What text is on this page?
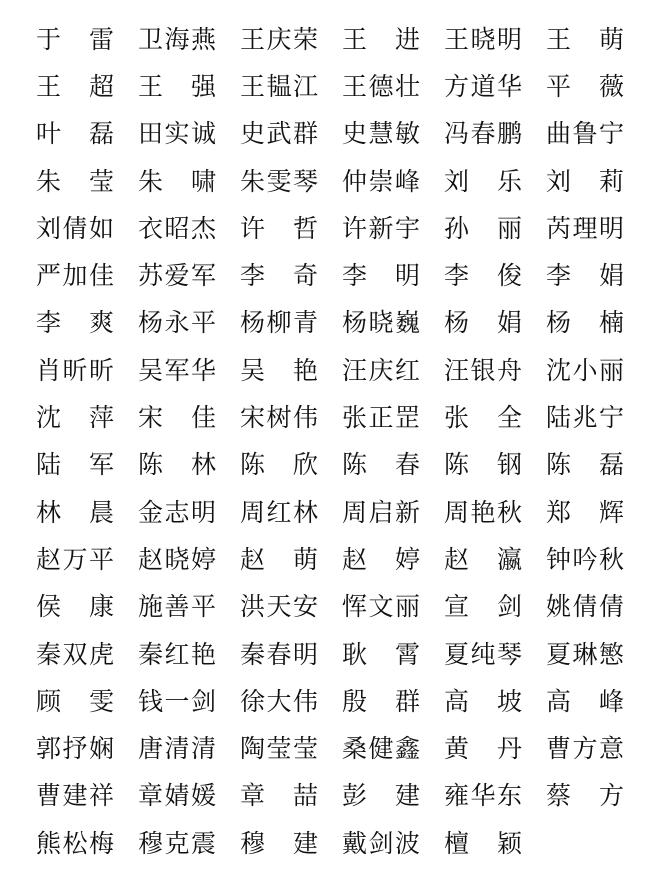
于 雷 卫 海 燕 王 庆 荣 王 进 王 晓 明 王 萌
王 超 王 强 王 韫 江 王 德 壮 方 道 华 平 薇
叶 磊 田 实 诚 史 武 群 史 慧 敏 冯 春 鹏 曲 鲁 宁
朱 莹 朱 啸 朱 雯 琴 仲 崇 峰 刘 乐 刘 莉
刘 倩 如 衣 昭 杰 许 哲 许 新 宇 孙 丽 芮 理 明
严 加 佳 苏 爱 军 李 奇 李 明 李 俊 李 娟
李 爽 杨 永 平 杨 柳 青 杨 晓 巍 杨 娟 杨 楠
肖 昕 昕 吴 军 华 吴 艳 汪 庆 红 汪 银 舟 沈 小 丽
沈 萍 宋 佳 宋 树 伟 张 正 罡 张 全 陆 兆 宁
陆 军 陈 林 陈 欣 陈 春 陈 钢 陈 磊
林 晨 金 志 明 周 红 林 周 启 新 周 艳 秋 郑 辉
赵 万 平 赵 晓 婷 赵 萌 赵 婷 赵 瀛 钟 吟 秋
侯 康 施 善 平 洪 天 安 恽 文 丽 宣 剑 姚 倩 倩
秦 双 虎 秦 红 艳 秦 春 明 耿 霄 夏 纯 琴 夏 琳 慜
顾 雯 钱 一 剑 徐 大 伟 殷 群 高 坡 高 峰
郭 抒 娴 唐 清 清 陶 莹 莹 桑 健 鑫 黄 丹 曹 方 意
曹 建 祥 章 婧 媛 章 喆 彭 建 雍 华 东 蔡 方
熊 松 梅 穆 克 震 穆 建 戴 剑 波 檀 颖
